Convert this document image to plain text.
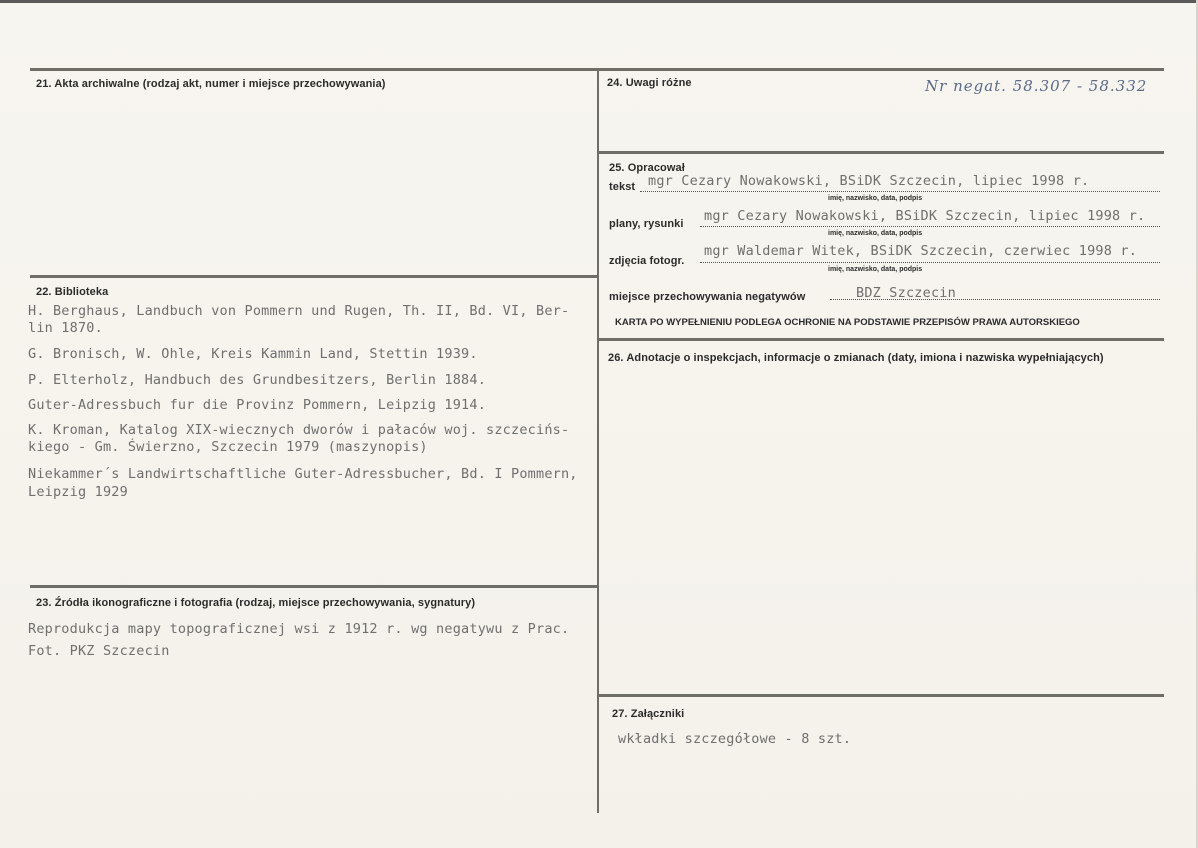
21. Akta archiwalne (rodzaj akt, numer i miejsce przechowywania)
22. Biblioteka
H. Berghaus, Landbuch von Pommern und Rugen, Th. II, Bd. VI, Ber-
lin 1870.
G. Bronisch, W. Ohle, Kreis Kammin Land, Stettin 1939.
P. Elterholz, Handbuch des Grundbesitzers, Berlin 1884.
Guter-Adressbuch fur die Provinz Pommern, Leipzig 1914.
K. Kroman, Katalog XIX-wiecznych dworów i pałaców woj. szczecińs-
kiego - Gm. Świerzno, Szczecin 1979 (maszynopis)
Niekammer´s Landwirtschaftliche Guter-Adressbucher, Bd. I Pommern,
Leipzig 1929
23. Źródła ikonograficzne i fotografia (rodzaj, miejsce przechowywania, sygnatury)
Reprodukcja mapy topograficznej wsi z 1912 r. wg negatywu z Prac.
Fot. PKZ Szczecin
24. Uwagi różne	Nr negat. 58.307 - 58.332
25. Opracował
tekst mgr Cezary Nowakowski, BSiDK Szczecin, lipiec 1998 r.
imię, nazwisko, data, podpis
plany, rysunki mgr Cezary Nowakowski, BSiDK Szczecin, lipiec 1998 r.
imię, nazwisko, data, podpis
zdjęcia fotogr.
mgr Waldemar Witek, BSiDK Szczecin, czerwiec 1998 r.
imię, nazwisko, data, podpis
miejsce przechowywania negatywów	BDZ Szczecin
KARTA PO WYPEŁNIENIU PODLEGA OCHRONIE NA PODSTAWIE PRZEPISÓW PRAWA AUTORSKIEGO
26. Adnotacje o inspekcjach, informacje o zmianach (daty, imiona i nazwiska wypełniających)
27. Załączniki
wkładki szczegółowe - 8 szt.
